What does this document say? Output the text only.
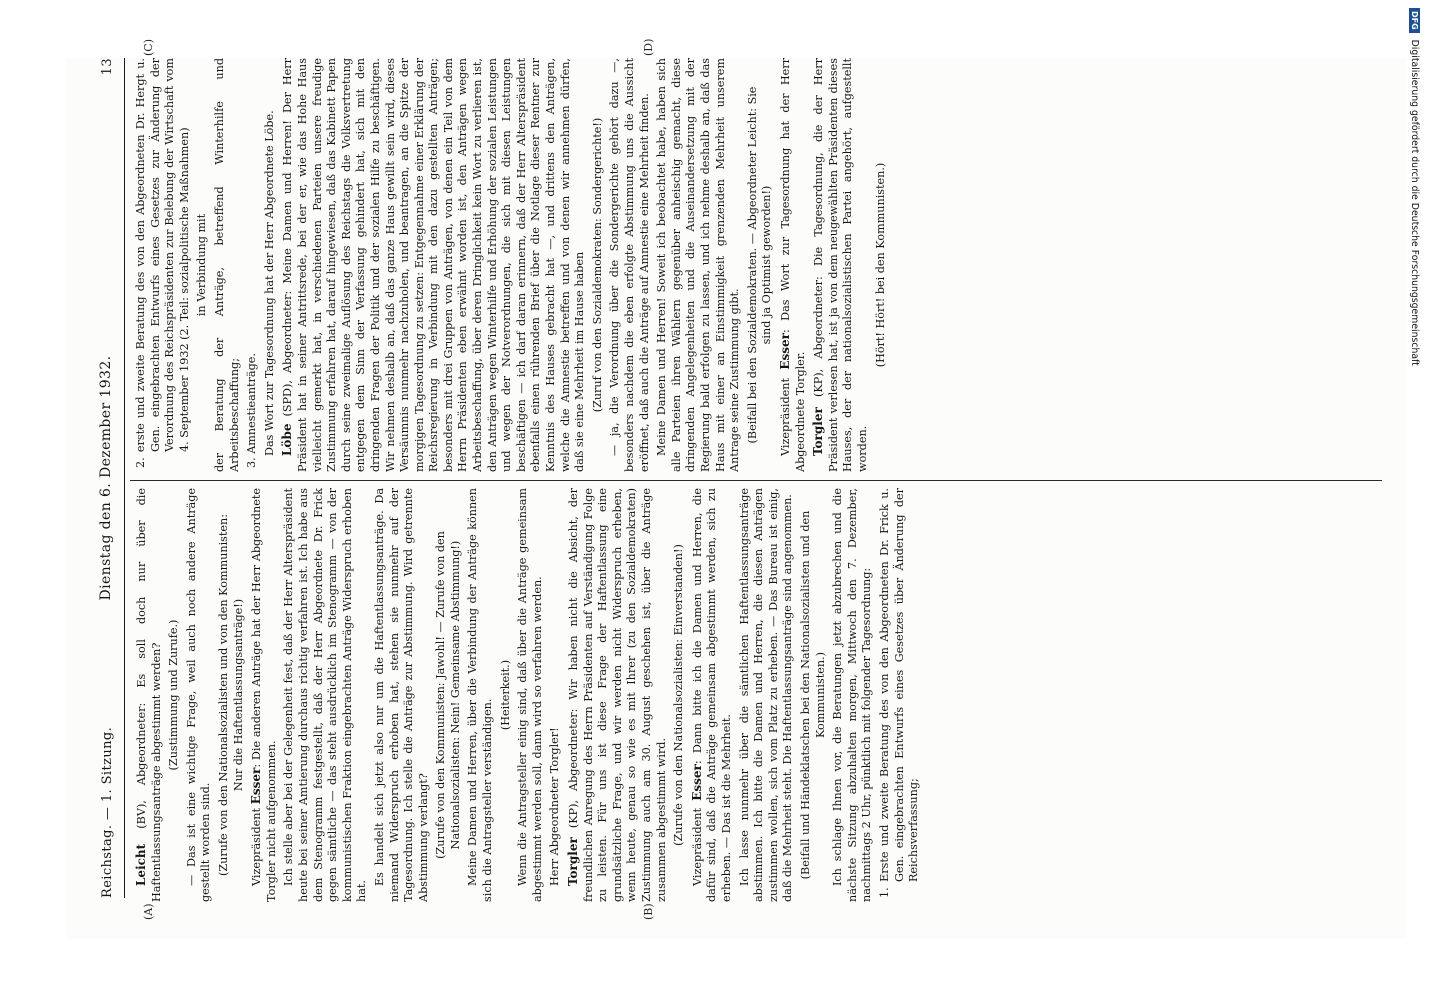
Reichstag. — 1. Sitzung.
Dienstag den 6. Dezember 1932.
13
(A)	(B)
(C)	(D)

Leicht (BV), Abgeordneter: Es soll doch nur über die Haftentlassungsanträge abgestimmt werden? (Zustimmung und Zurufe.) — Das ist eine wichtige Frage, weil auch noch andere Anträge gestellt worden sind. (Zurufe von den Nationalsozialisten und von den Kommunisten: Nur die Haftentlassungsanträge!)

Vizepräsident Esser: Die anderen Anträge hat der Herr Abgeordnete Torgler nicht aufgenommen. Ich stelle aber bei der Gelegenheit fest, daß der Herr Alterspräsident heute bei seiner Amtierung durchaus richtig verfahren ist. Ich habe aus dem Stenogramm festgestellt, daß der Herr Abgeordnete Dr. Frick gegen sämtliche — das steht ausdrücklich im Stenogramm — von der kommunistischen Fraktion eingebrachten Anträge Widerspruch erhoben hat.

Es handelt sich jetzt also nur um die Haftentlassungsanträge. Da niemand Widerspruch erhoben hat, stehen sie nunmehr auf der Tagesordnung. Ich stelle die Anträge zur Abstimmung. Wird getrennte Abstimmung verlangt? (Zurufe von den Kommunisten: Jawohl! — Zurufe von den Nationalsozialisten: Nein! Gemeinsame Abstimmung!) Meine Damen und Herren, über die Verbindung der Anträge können sich die Antragsteller verständigen.

(Heiterkeit.) Wenn die Antragsteller einig sind, daß über die Anträge gemeinsam abgestimmt werden soll, dann wird so verfahren werden. Herr Abgeordneter Torgler! Torgler (KP), Abgeordneter: Wir haben nicht die Absicht, der freundlichen Anregung des Herrn Präsidenten auf Verständigung Folge zu leisten. Für uns ist diese Frage der Haftentlassung eine grundsätzliche Frage, und wir werden nicht Widerspruch erheben, wenn heute, genau so wie es mit Ihrer (zu den Sozialdemokraten) Zustimmung auch am 30. August geschehen ist, über die Anträge zusammen abgestimmt wird. (Zurufe von den Nationalsozialisten: Einverstanden!) Vizepräsident Esser: Dann bitte ich die Damen und Herren, die dafür sind, daß die Anträge gemeinsam abgestimmt werden, sich zu erheben. — Das ist die Mehrheit. Ich lasse nunmehr über die sämtlichen Haftentlassungsanträge abstimmen. Ich bitte die Damen und Herren, die diesen Anträgen zustimmen wollen, sich vom Platz zu erheben. — Das Bureau ist einig, daß die Mehrheit steht. Die Haftentlassungsanträge sind angenommen. (Beifall und Händeklatschen bei den Nationalsozialisten und den Kommunisten.) Ich schlage Ihnen vor, die Beratungen jetzt abzubrechen und die nächste Sitzung abzuhalten morgen, Mittwoch den 7. Dezember, nachmittags 2 Uhr, pünktlich mit folgender Tagesordnung: 1. Erste und zweite Beratung des von den Abgeordneten Dr. Frick u. Gen. eingebrachten Entwurfs eines Gesetzes über Änderung der Reichsverfassung;

2. erste und zweite Beratung des von den Abgeordneten Dr. Hergt u. Gen. eingebrachten Entwurfs eines Gesetzes zur Änderung der Verordnung des Reichspräsidenten zur Belebung der Wirtschaft vom 4. September 1932 (2. Teil: sozialpolitische Maßnahmen) in Verbindung mit der Beratung der Anträge, betreffend Winterhilfe und Arbeitsbeschaffung; 3. Amnestieanträge. Das Wort zur Tagesordnung hat der Herr Abgeordnete Löbe. Löbe (SPD), Abgeordneter: Meine Damen und Herren! Der Herr Präsident hat in seiner Antrittsrede, bei der er, wie das Hohe Haus vielleicht gemerkt hat, in verschiedenen Parteien unsere freudige Zustimmung erfahren hat, darauf hingewiesen, daß das Kabinett Papen durch seine zweimalige Auflösung des Reichstags die Volksvertretung entgegen dem Sinn der Verfassung gehindert hat, sich mit den dringenden Fragen der Politik und der sozialen Hilfe zu beschäftigen. Wir nehmen deshalb an, daß das ganze Haus gewillt sein wird, dieses Versäumnis nunmehr nachzuholen, und beantragen, an die Spitze der morgigen Tagesordnung zu setzen: Entgegennahme einer Erklärung der Reichsregierung in Verbindung mit den dazu gestellten Anträgen; besonders mit drei Gruppen von Anträgen, von denen ein Teil von dem Herrn Präsidenten eben erwähnt worden ist, den Anträgen wegen Arbeitsbeschaffung, über deren Dringlichkeit kein Wort zu verlieren ist, den Anträgen wegen Winterhilfe und Erhöhung der sozialen Leistungen und wegen der Notverordnungen, die sich mit diesen Leistungen beschäftigen — ich darf daran erinnern, daß der Herr Alterspräsident ebenfalls einen rührenden Brief über die Notlage dieser Rentner zur Kenntnis des Hauses gebracht hat —, und drittens den Anträgen, welche die Amnestie betreffen und von denen wir annehmen dürfen, daß sie eine Mehrheit im Hause haben (Zuruf von den Sozialdemokraten: Sondergerichte!) — ja, die Verordnung über die Sondergerichte gehört dazu —, besonders nachdem die eben erfolgte Abstimmung uns die Aussicht eröffnet, daß auch die Anträge auf Amnestie eine Mehrheit finden. Meine Damen und Herren! Soweit ich beobachtet habe, haben sich alle Parteien ihren Wählern gegenüber anheischig gemacht, diese dringenden Angelegenheiten und die Auseinandersetzung mit der Regierung bald erfolgen zu lassen, und ich nehme deshalb an, daß das Haus mit einer an Einstimmigkeit grenzenden Mehrheit unserem Antrage seine Zustimmung gibt. (Beifall bei den Sozialdemokraten. — Abgeordneter Leicht: Sie sind ja Optimist geworden!)

Vizepräsident Esser: Das Wort zur Tagesordnung hat der Herr Abgeordnete Torgler. Torgler (KP), Abgeordneter: Die Tagesordnung, die der Herr Präsident verlesen hat, ist ja von dem neugewählten Präsidenten dieses Hauses, der der nationalsozialistischen Partei angehört, aufgestellt worden.

(Hört! Hört! bei den Kommunisten.)

DFG Digitalisierung gefördert durch die Deutsche Forschungsgemeinschaft
